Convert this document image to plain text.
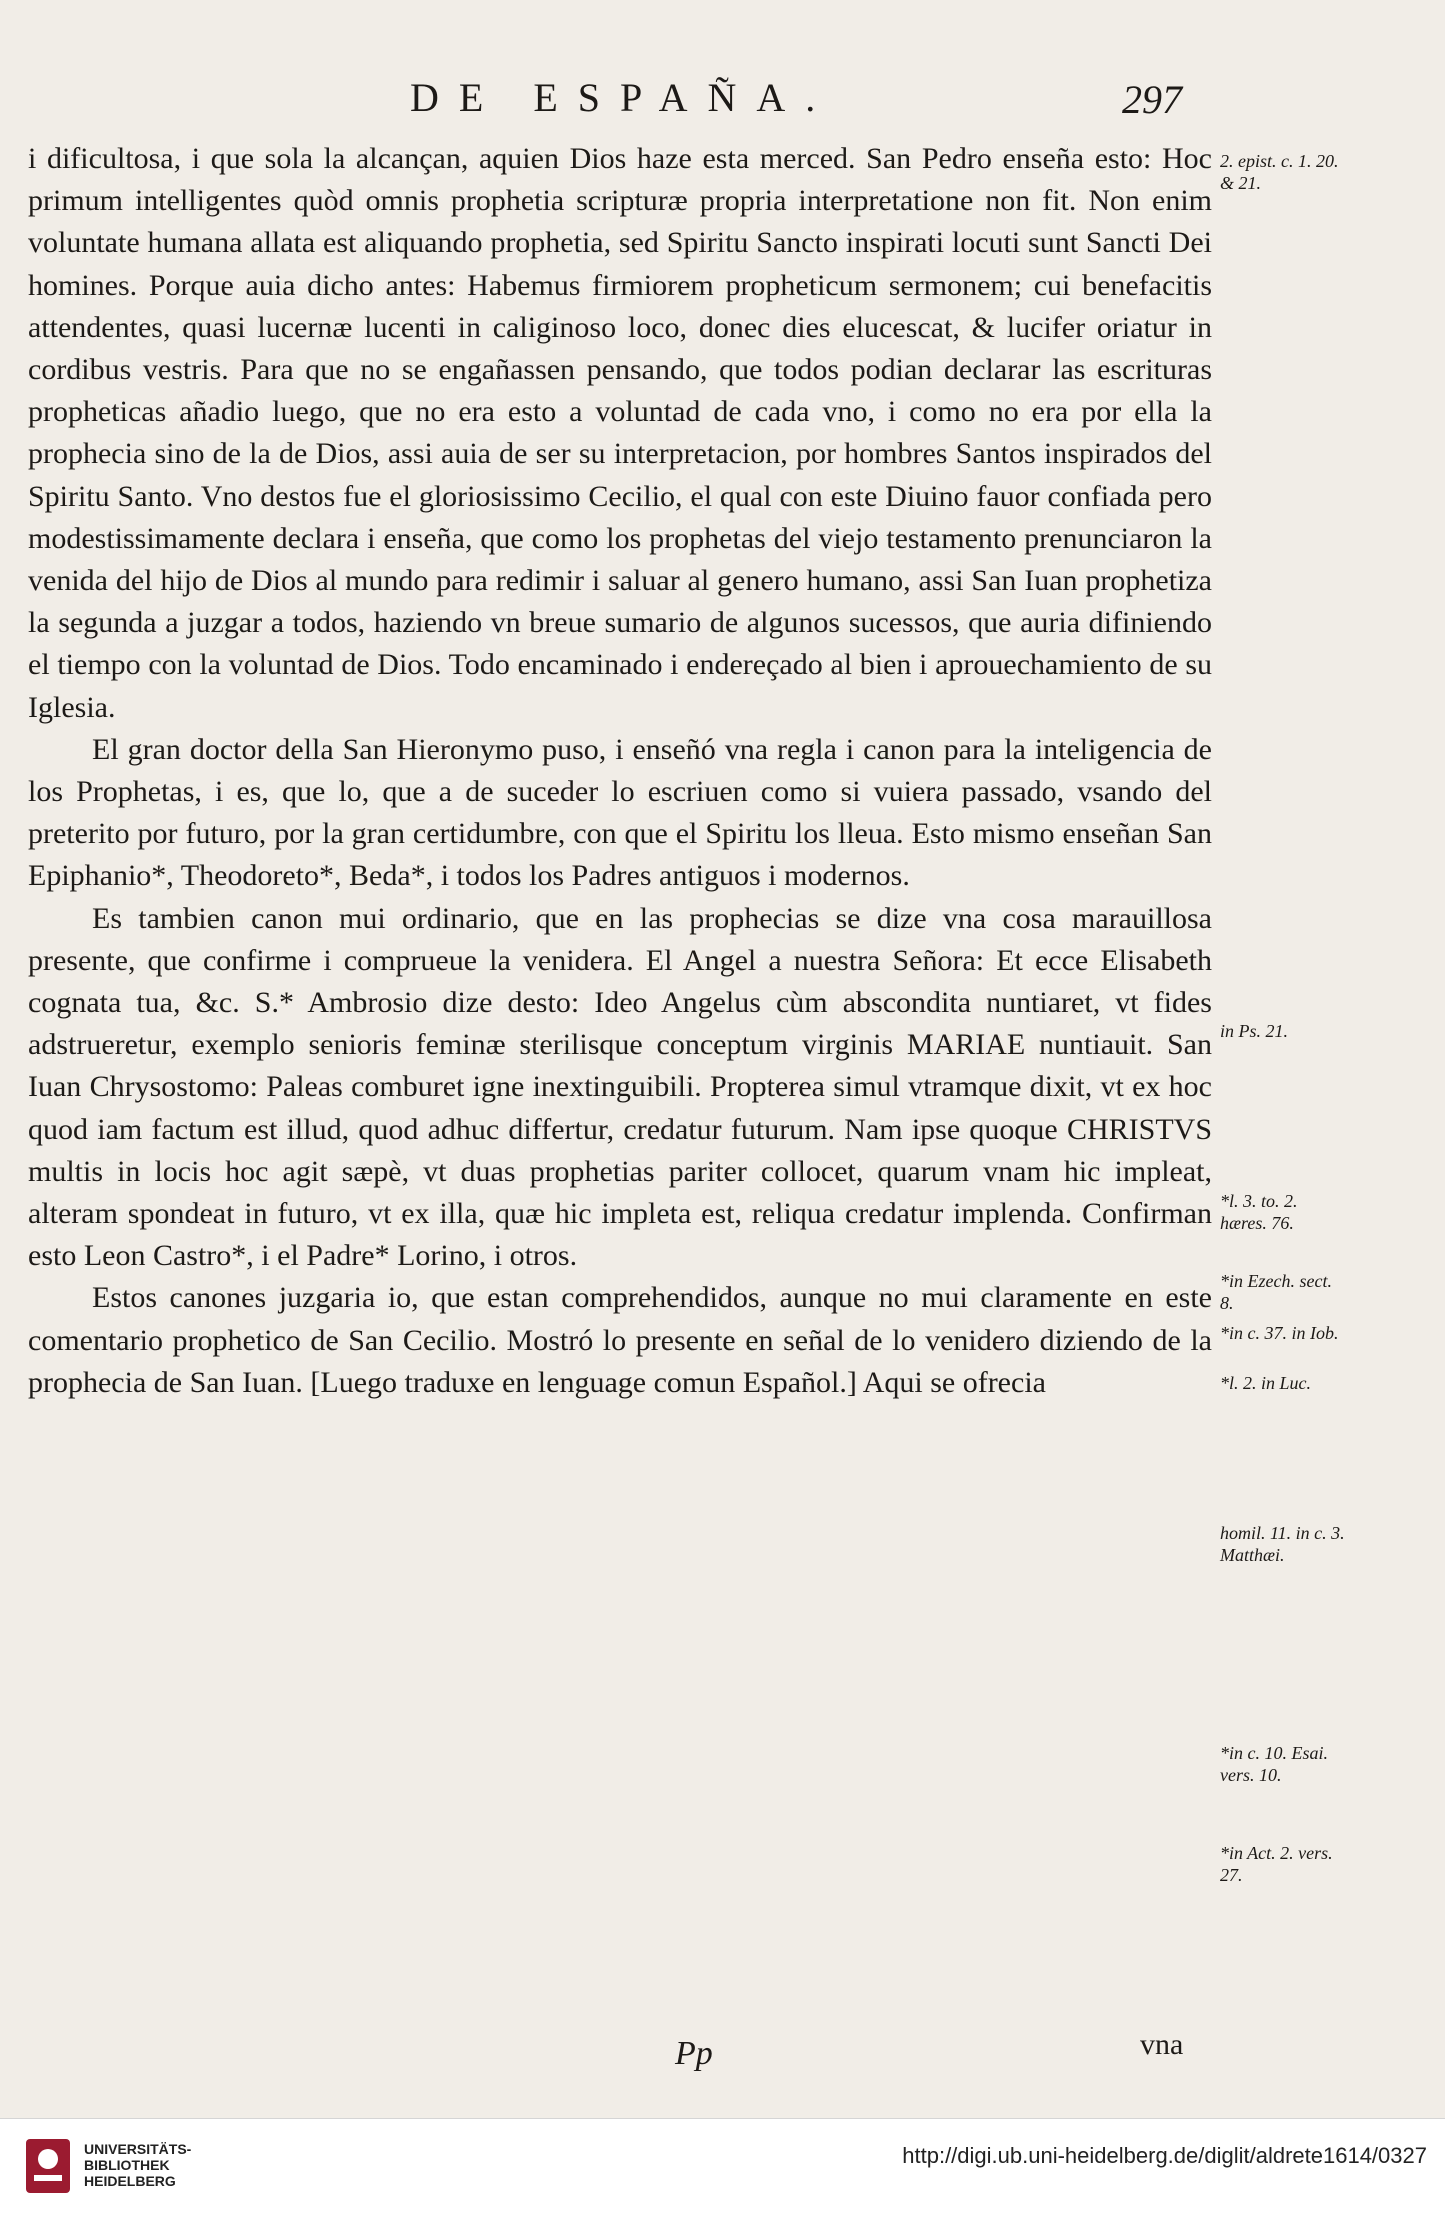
DE ESPAÑA.	297

i dificultosa, i que sola la alcançan, aquien Dios haze esta merced. San Pedro enseña esto: Hoc primum intelligentes quòd omnis prophetia scripturæ propria interpretatione non fit. Non enim voluntate humana allata est aliquando prophetia, sed Spiritu Sancto inspirati locuti sunt Sancti Dei homines. Porque auia dicho antes: Habemus firmiorem propheticum sermonem; cui benefacitis attendentes, quasi lucernæ lucenti in caliginoso loco, donec dies elucescat, & lucifer oriatur in cordibus vestris. Para que no se engañassen pensando, que todos podian declarar las escrituras propheticas añadio luego, que no era esto a voluntad de cada vno, i como no era por ella la prophecia sino de la de Dios, assi auia de ser su interpretacion, por hombres Santos inspirados del Spiritu Santo. Vno destos fue el gloriosissimo Cecilio, el qual con este Diuino fauor confiada pero modestissimamente declara i enseña, que como los prophetas del viejo testamento prenunciaron la venida del hijo de Dios al mundo para redimir i saluar al genero humano, assi San Iuan prophetiza la segunda a juzgar a todos, haziendo vn breue sumario de algunos sucessos, que auria difiniendo el tiempo con la voluntad de Dios. Todo encaminado i endereçado al bien i aprouechamiento de su Iglesia.

El gran doctor della San Hieronymo puso, i enseñó vna regla i canon para la inteligencia de los Prophetas, i es, que lo, que a de suceder lo escriuen como si vuiera passado, vsando del preterito por futuro, por la gran certidumbre, con que el Spiritu los lleua. Esto mismo enseñan San Epiphanio*, Theodoreto*, Beda*, i todos los Padres antiguos i modernos.

Es tambien canon mui ordinario, que en las prophecias se dize vna cosa marauillosa presente, que confirme i comprueue la venidera. El Angel a nuestra Señora: Et ecce Elisabeth cognata tua, &c. S.* Ambrosio dize desto: Ideo Angelus cùm abscondita nuntiaret, vt fides adstrueretur, exemplo senioris feminæ sterilisque conceptum virginis MARIAE nuntiauit. San Iuan Chrysostomo: Paleas comburet igne inextinguibili. Propterea simul vtramque dixit, vt ex hoc quod iam factum est illud, quod adhuc differtur, credatur futurum. Nam ipse quoque CHRISTVS multis in locis hoc agit sæpè, vt duas prophetias pariter collocet, quarum vnam hic impleat, alteram spondeat in futuro, vt ex illa, quæ hic impleta est, reliqua credatur implenda. Confirman esto Leon Castro*, i el Padre* Lorino, i otros.

Estos canones juzgaria io, que estan comprehendidos, aunque no mui claramente en este comentario prophetico de San Cecilio. Mostró lo presente en señal de lo venidero diziendo de la prophecia de San Iuan. [Luego traduxe en lenguage comun Español.] Aqui se ofrecia

2. epist. c. 1. 20. & 21.
in Ps. 21.
*l. 3. to. 2. hæres. 76.
*in Ezech. sect. 8.
*in c. 37. in Iob.
*l. 2. in Luc.
homil. 11. in c. 3. Matthæi.
*in c. 10. Esai. vers. 10.
*in Act. 2. vers. 27.
Pp	vna
UNIVERSITÄTS-
BIBLIOTHEK
HEIDELBERG
http://digi.ub.uni-heidelberg.de/diglit/aldrete1614/0327
